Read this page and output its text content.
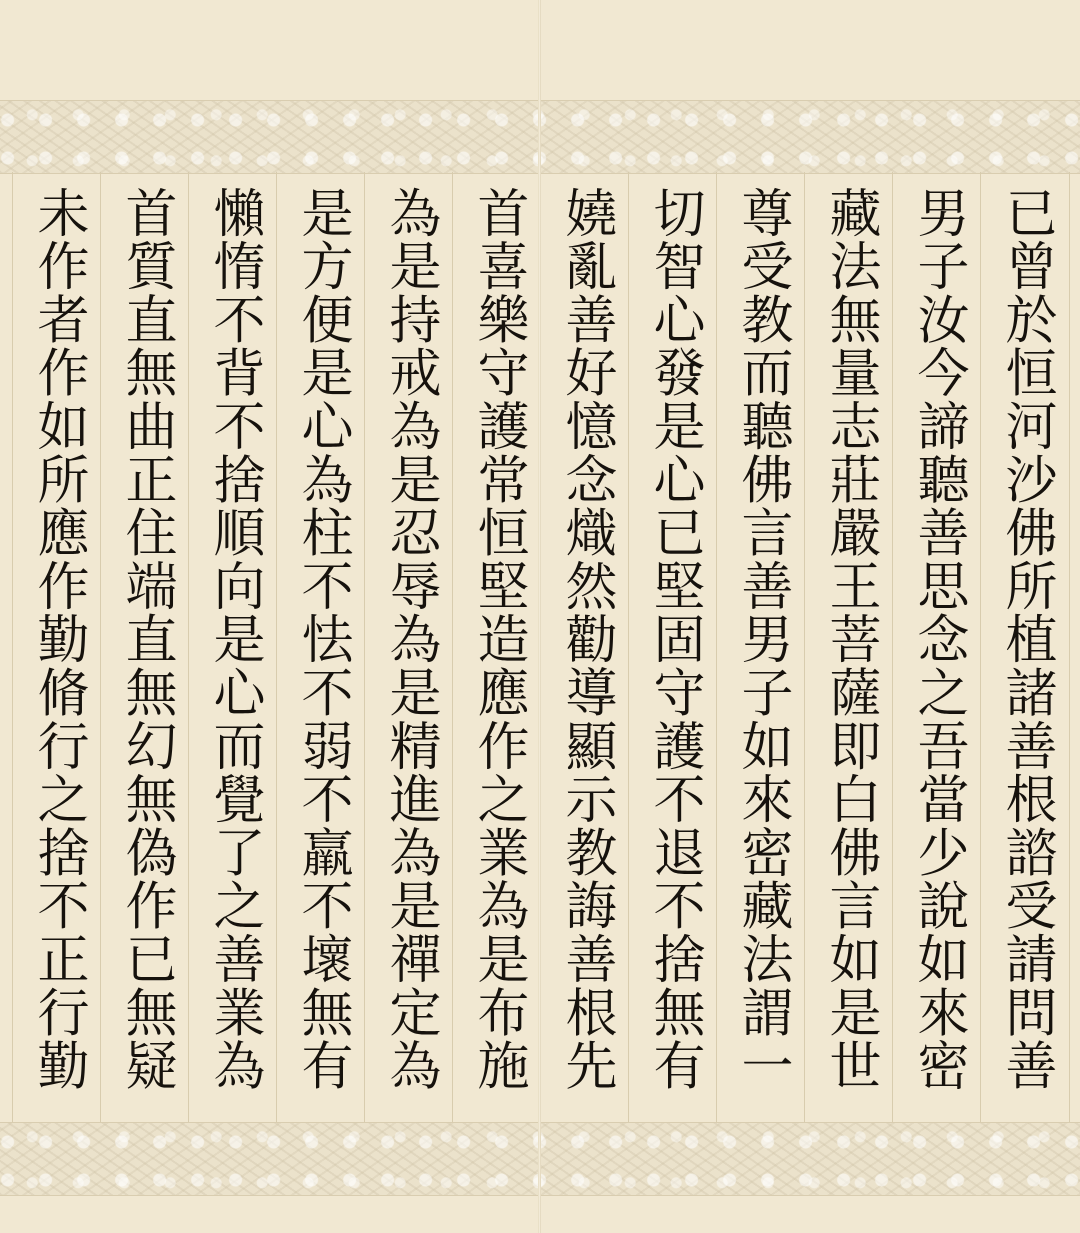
已曾於恒河沙佛所植諸善根諮受請問善
男子汝今諦聽善思念之吾當少說如來密
藏法無量志莊嚴王菩薩即白佛言如是世
尊受教而聽佛言善男子如來密藏法謂一
切智心發是心已堅固守護不退不捨無有
嬈亂善好憶念熾然勸導顯示教誨善根先
首喜樂守護常恒堅造應作之業為是布施
為是持戒為是忍辱為是精進為是禪定為
是方便是心為柱不怯不弱不羸不壞無有
懶惰不背不捨順向是心而覺了之善業為
首質直無曲正住端直無幻無偽作已無疑
未作者作如所應作勤脩行之捨不正行勤
